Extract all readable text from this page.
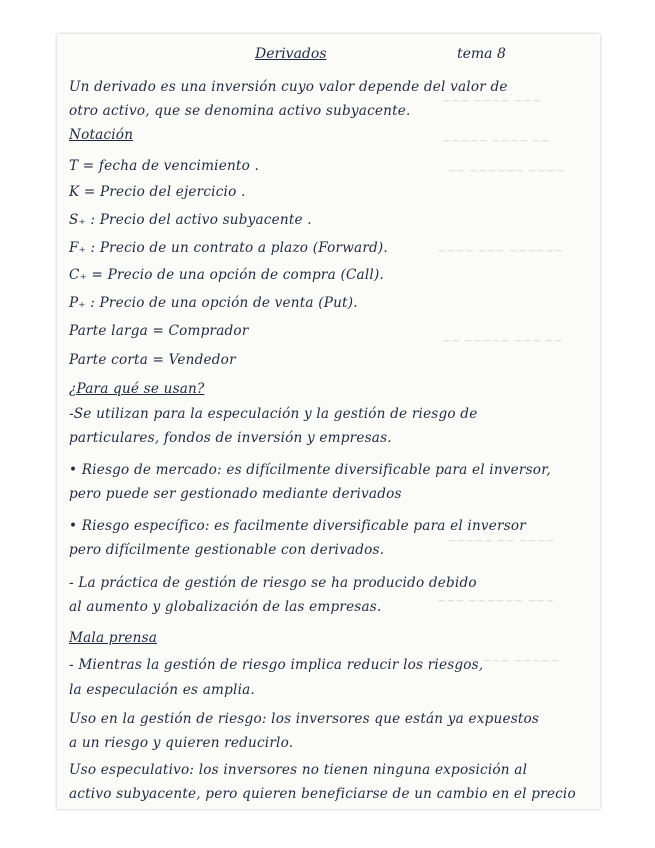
~~~ ~~~~ ~~~
~~~~~ ~~~~ ~~
~~ ~~~~~~ ~~~~
~~~~ ~~~ ~~~~~~
~~ ~~~~~ ~~~ ~~
~~~~~ ~~ ~~~~
~~~ ~~~~~~ ~~~
~~~~ ~~~ ~~~~~
Derivados	tema 8
Un derivado es una inversión cuyo valor depende del valor de
otro activo, que se denomina activo subyacente.
Notación
T = fecha de vencimiento .
K = Precio del ejercicio .
S₊ : Precio del activo subyacente .
F₊ : Precio de un contrato a plazo (Forward).
C₊ = Precio de una opción de compra (Call).
P₊ : Precio de una opción de venta (Put).
Parte larga = Comprador
Parte corta = Vendedor
¿Para qué se usan?
-Se utilizan para la especulación y la gestión de riesgo de
particulares, fondos de inversión y empresas.
• Riesgo de mercado: es difícilmente diversificable para el inversor,
pero puede ser gestionado mediante derivados
• Riesgo específico: es facilmente diversificable para el inversor
pero difícilmente gestionable con derivados.
- La práctica de gestión de riesgo se ha producido debido
al aumento y globalización de las empresas.
Mala prensa
- Mientras la gestión de riesgo implica reducir los riesgos,
la especulación es amplia.
Uso en la gestión de riesgo: los inversores que están ya expuestos
a un riesgo y quieren reducirlo.
Uso especulativo: los inversores no tienen ninguna exposición al
activo subyacente, pero quieren beneficiarse de un cambio en el precio
